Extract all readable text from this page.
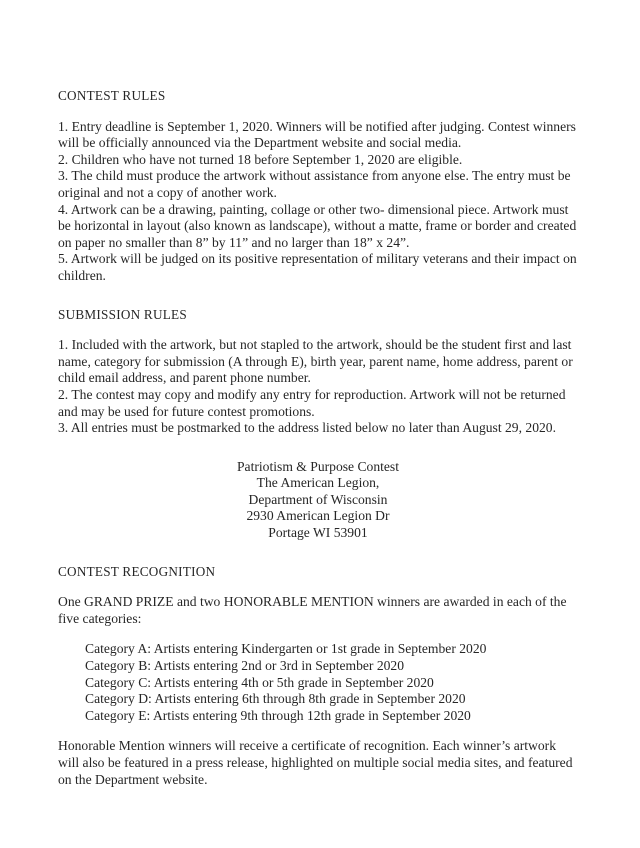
CONTEST RULES

1. Entry deadline is September 1, 2020. Winners will be notified after judging. Contest winners will be officially announced via the Department website and social media.

2. Children who have not turned 18 before September 1, 2020 are eligible.

3. The child must produce the artwork without assistance from anyone else. The entry must be original and not a copy of another work.

4. Artwork can be a drawing, painting, collage or other two- dimensional piece. Artwork must be horizontal in layout (also known as landscape), without a matte, frame or border and created on paper no smaller than 8” by 11” and no larger than 18” x 24”.

5. Artwork will be judged on its positive representation of military veterans and their impact on children.

SUBMISSION RULES

1. Included with the artwork, but not stapled to the artwork, should be the student first and last name, category for submission (A through E), birth year, parent name, home address, parent or child email address, and parent phone number.

2. The contest may copy and modify any entry for reproduction. Artwork will not be returned and may be used for future contest promotions.

3. All entries must be postmarked to the address listed below no later than August 29, 2020.

Patriotism & Purpose Contest
The American Legion,
Department of Wisconsin
2930 American Legion Dr
Portage WI 53901
CONTEST RECOGNITION

One GRAND PRIZE and two HONORABLE MENTION winners are awarded in each of the five categories:

Category A: Artists entering Kindergarten or 1st grade in September 2020
Category B: Artists entering 2nd or 3rd in September 2020
Category C: Artists entering 4th or 5th grade in September 2020
Category D: Artists entering 6th through 8th grade in September 2020
Category E: Artists entering 9th through 12th grade in September 2020

Honorable Mention winners will receive a certificate of recognition. Each winner’s artwork will also be featured in a press release, highlighted on multiple social media sites, and featured on the Department website.
